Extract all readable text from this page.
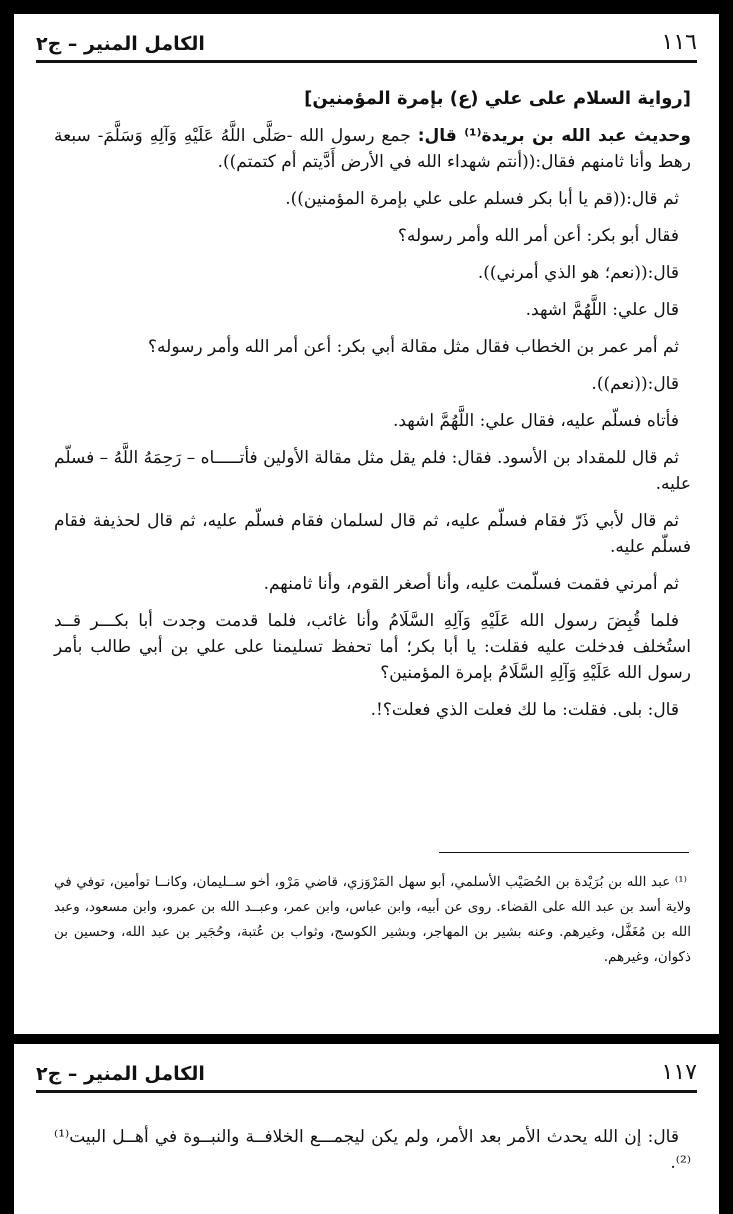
١١٦
الكامل المنير – ج٢
[رواية السلام على علي (ع) بإمرة المؤمنين]

وحديث عبد الله بن بريدة⁽¹⁾ قال: جمع رسول الله -صَلَّى اللَّهُ عَلَيْهِ وَآلِهِ وَسَلَّمَ- سبعة رهط وأنا ثامنهم فقال:((أنتم شهداء الله في الأرض أَدَّيتم أم كتمتم)).

ثم قال:((قم يا أبا بكر فسلم على علي بإمرة المؤمنين)).

فقال أبو بكر: أعن أمر الله وأمر رسوله؟

قال:((نعم؛ هو الذي أمرني)).

قال علي: اللَّهُمَّ اشهد.

ثم أمر عمر بن الخطاب فقال مثل مقالة أبي بكر: أعن أمر الله وأمر رسوله؟

قال:((نعم)).

فأتاه فسلّم عليه، فقال علي: اللَّهُمَّ اشهد.

ثم قال للمقداد بن الأسود. فقال: فلم يقل مثل مقالة الأولين فأتـــــاه – رَحِمَهُ اللَّهُ – فسلّم عليه.

ثم قال لأبي ذَرّ فقام فسلّم عليه، ثم قال لسلمان فقام فسلّم عليه، ثم قال لحذيفة فقام فسلّم عليه.

ثم أمرني فقمت فسلّمت عليه، وأنا أصغر القوم، وأنا ثامنهم.

فلما قُبِضَ رسول الله عَلَيْهِ وَآلِهِ السَّلَامُ وأنا غائب، فلما قدمت وجدت أبا بكـــر قــد استُخلف فدخلت عليه فقلت: يا أبا بكر؛ أما تحفظ تسليمنا على علي بن أبي طالب بأمر رسول الله عَلَيْهِ وَآلِهِ السَّلَامُ بإمرة المؤمنين؟

قال: بلى. فقلت: ما لك فعلت الذي فعلت؟!.

⁽¹⁾ عبد الله بن بُرَيْدة بن الحُصَيْب الأسلمي، أبو سهل المَرْوَزي، قاضي مَرْو، أخو ســليمان، وكانــا توأمين، توفي في ولاية أسد بن عبد الله على القضاء. روى عن أبيه، وابن عباس، وابن عمر، وعبــد الله بن عمرو، وابن مسعود، وعبد الله بن مُغَفَّل، وغيرهم. وعنه بشير بن المهاجر، وبشير الكوسج، وثواب بن عُتبة، وحُجَير بن عبد الله، وحسين بن ذكوان، وغيرهم.

١١٧
الكامل المنير – ج٢

قال: إن الله يحدث الأمر بعد الأمر، ولم يكن ليجمـــع الخلافــة والنبــوة في أهــل البيت⁽¹⁾⁽²⁾.
